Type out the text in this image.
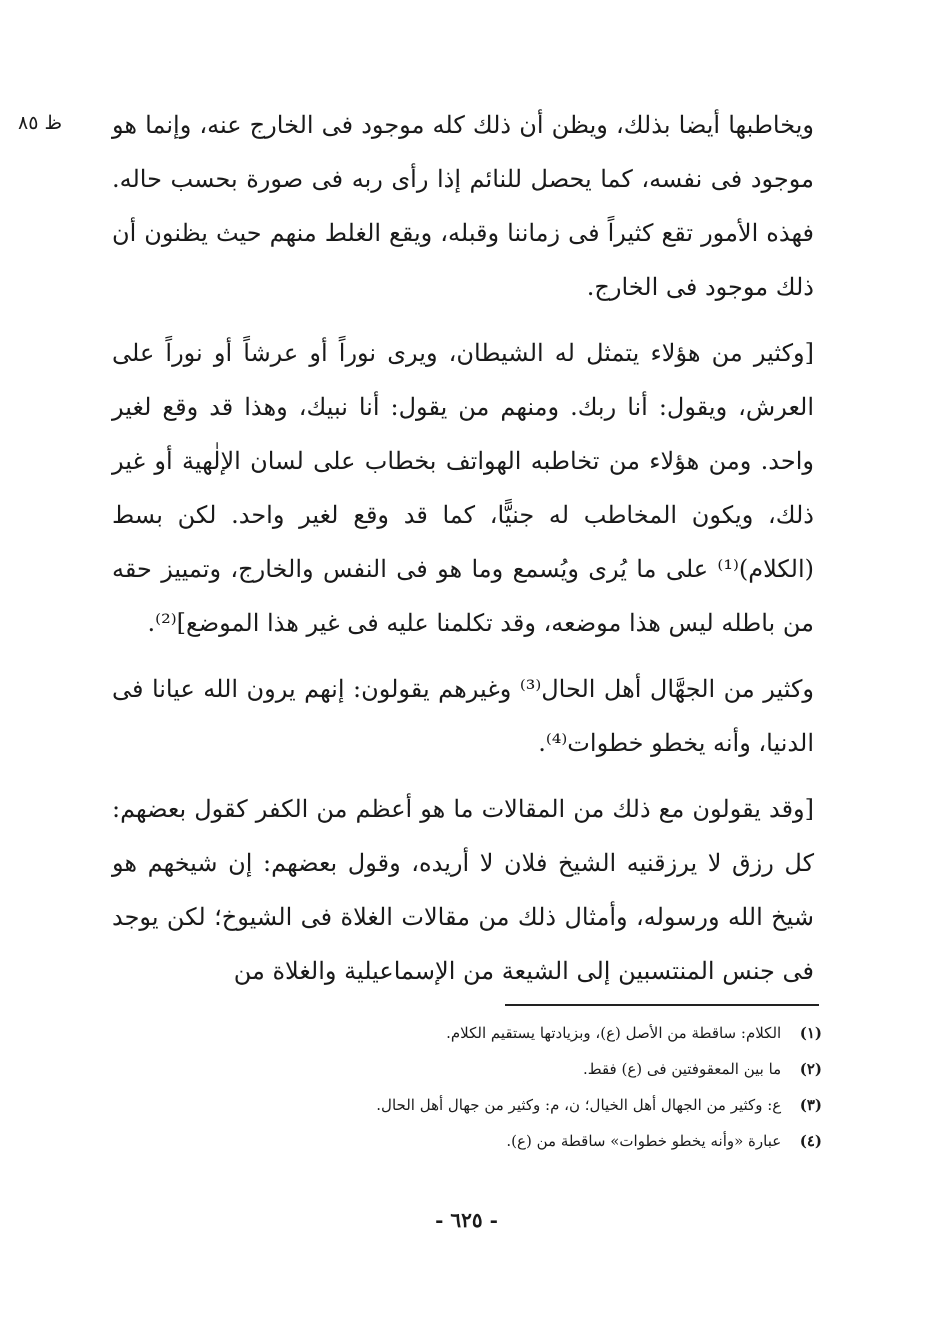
ظ ٨٥ ويخاطبها أيضا بذلك، ويظن أن ذلك كله موجود فى الخارج عنه، وإنما هو موجود فى نفسه، كما يحصل للنائم إذا رأى ربه فى صورة بحسب حاله. فهذه الأمور تقع كثيراً فى زماننا وقبله، ويقع الغلط منهم حيث يظنون أن ذلك موجود فى الخارج.

[وكثير من هؤلاء يتمثل له الشيطان، ويرى نوراً أو عرشاً أو نوراً على العرش، ويقول: أنا ربك. ومنهم من يقول: أنا نبيك، وهذا قد وقع لغير واحد. ومن هؤلاء من تخاطبه الهواتف بخطاب على لسان الإلٰهية أو غير ذلك، ويكون المخاطب له جنيًّا، كما قد وقع لغير واحد. لكن بسط (الكلام)⁽¹⁾ على ما يُرى ويُسمع وما هو فى النفس والخارج، وتمييز حقه من باطله ليس هذا موضعه، وقد تكلمنا عليه فى غير هذا الموضع]⁽²⁾.

وكثير من الجهَّال أهل الحال⁽³⁾ وغيرهم يقولون: إنهم يرون الله عيانا فى الدنيا، وأنه يخطو خطوات⁽⁴⁾.

[وقد يقولون مع ذلك من المقالات ما هو أعظم من الكفر كقول بعضهم: كل رزق لا يرزقنيه الشيخ فلان لا أريده، وقول بعضهم: إن شيخهم هو شيخ الله ورسوله، وأمثال ذلك من مقالات الغلاة فى الشيوخ؛ لكن يوجد فى جنس المنتسبين إلى الشيعة من الإسماعيلية والغلاة من

(١) الكلام: ساقطة من الأصل (ع)، وبزيادتها يستقيم الكلام.
(٢) ما بين المعقوفتين فى (ع) فقط.
(٣) ع: وكثير من الجهال أهل الخيال؛ ن، م: وكثير من جهال أهل الحال.
(٤) عبارة «وأنه يخطو خطوات» ساقطة من (ع).
- ٦٢٥ -
